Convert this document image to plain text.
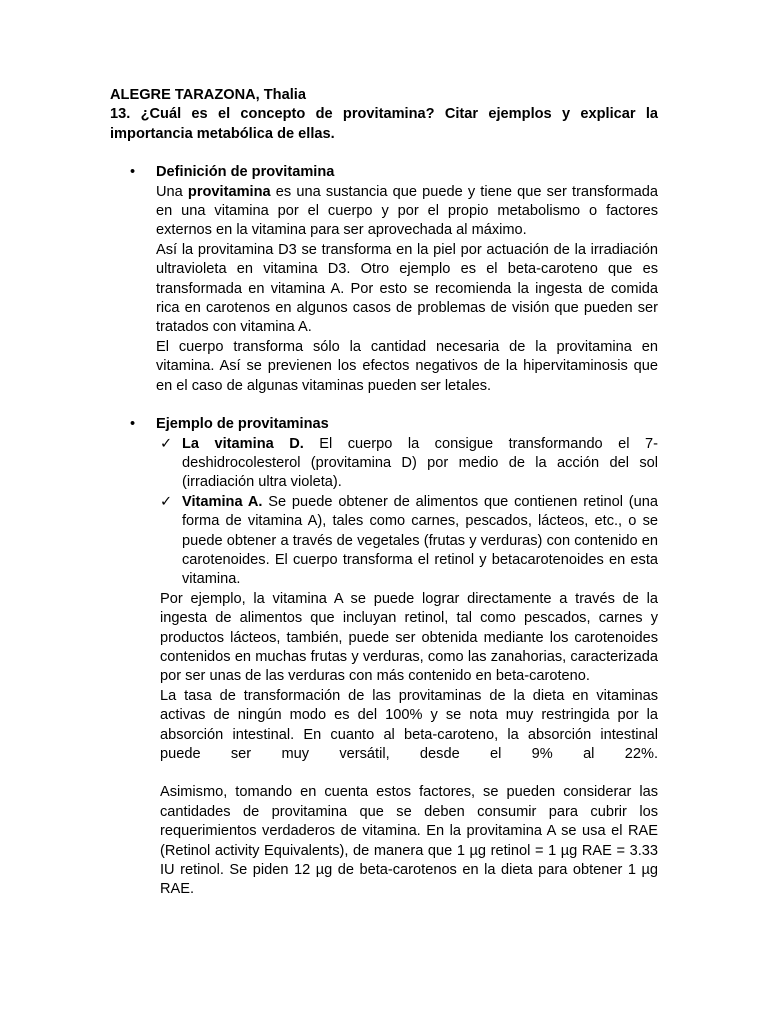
ALEGRE TARAZONA, Thalia

13. ¿Cuál es el concepto de provitamina? Citar ejemplos y explicar la importancia metabólica de ellas.

• Definición de provitamina

Una provitamina es una sustancia que puede y tiene que ser transformada en una vitamina por el cuerpo y por el propio metabolismo o factores externos en la vitamina para ser aprovechada al máximo.

Así la provitamina D3 se transforma en la piel por actuación de la irradiación ultravioleta en vitamina D3. Otro ejemplo es el beta-caroteno que es transformada en vitamina A. Por esto se recomienda la ingesta de comida rica en carotenos en algunos casos de problemas de visión que pueden ser tratados con vitamina A.

El cuerpo transforma sólo la cantidad necesaria de la provitamina en vitamina. Así se previenen los efectos negativos de la hipervitaminosis que en el caso de algunas vitaminas pueden ser letales.

• Ejemplo de provitaminas

✓ La vitamina D. El cuerpo la consigue transformando el 7-deshidrocolesterol (provitamina D) por medio de la acción del sol (irradiación ultra violeta).

✓ Vitamina A. Se puede obtener de alimentos que contienen retinol (una forma de vitamina A), tales como carnes, pescados, lácteos, etc., o se puede obtener a través de vegetales (frutas y verduras) con contenido en carotenoides. El cuerpo transforma el retinol y betacarotenoides en esta vitamina.

Por ejemplo, la vitamina A se puede lograr directamente a través de la ingesta de alimentos que incluyan retinol, tal como pescados, carnes y productos lácteos, también, puede ser obtenida mediante los carotenoides contenidos en muchas frutas y verduras, como las zanahorias, caracterizada por ser unas de las verduras con más contenido en beta-caroteno.

La tasa de transformación de las provitaminas de la dieta en vitaminas activas de ningún modo es del 100% y se nota muy restringida por la absorción intestinal. En cuanto al beta-caroteno, la absorción intestinal puede ser muy versátil, desde el 9% al 22%.

Asimismo, tomando en cuenta estos factores, se pueden considerar las cantidades de provitamina que se deben consumir para cubrir los requerimientos verdaderos de vitamina. En la provitamina A se usa el RAE (Retinol activity Equivalents), de manera que 1 µg retinol = 1 µg RAE = 3.33 IU retinol. Se piden 12 µg de beta-carotenos en la dieta para obtener 1 µg RAE.
